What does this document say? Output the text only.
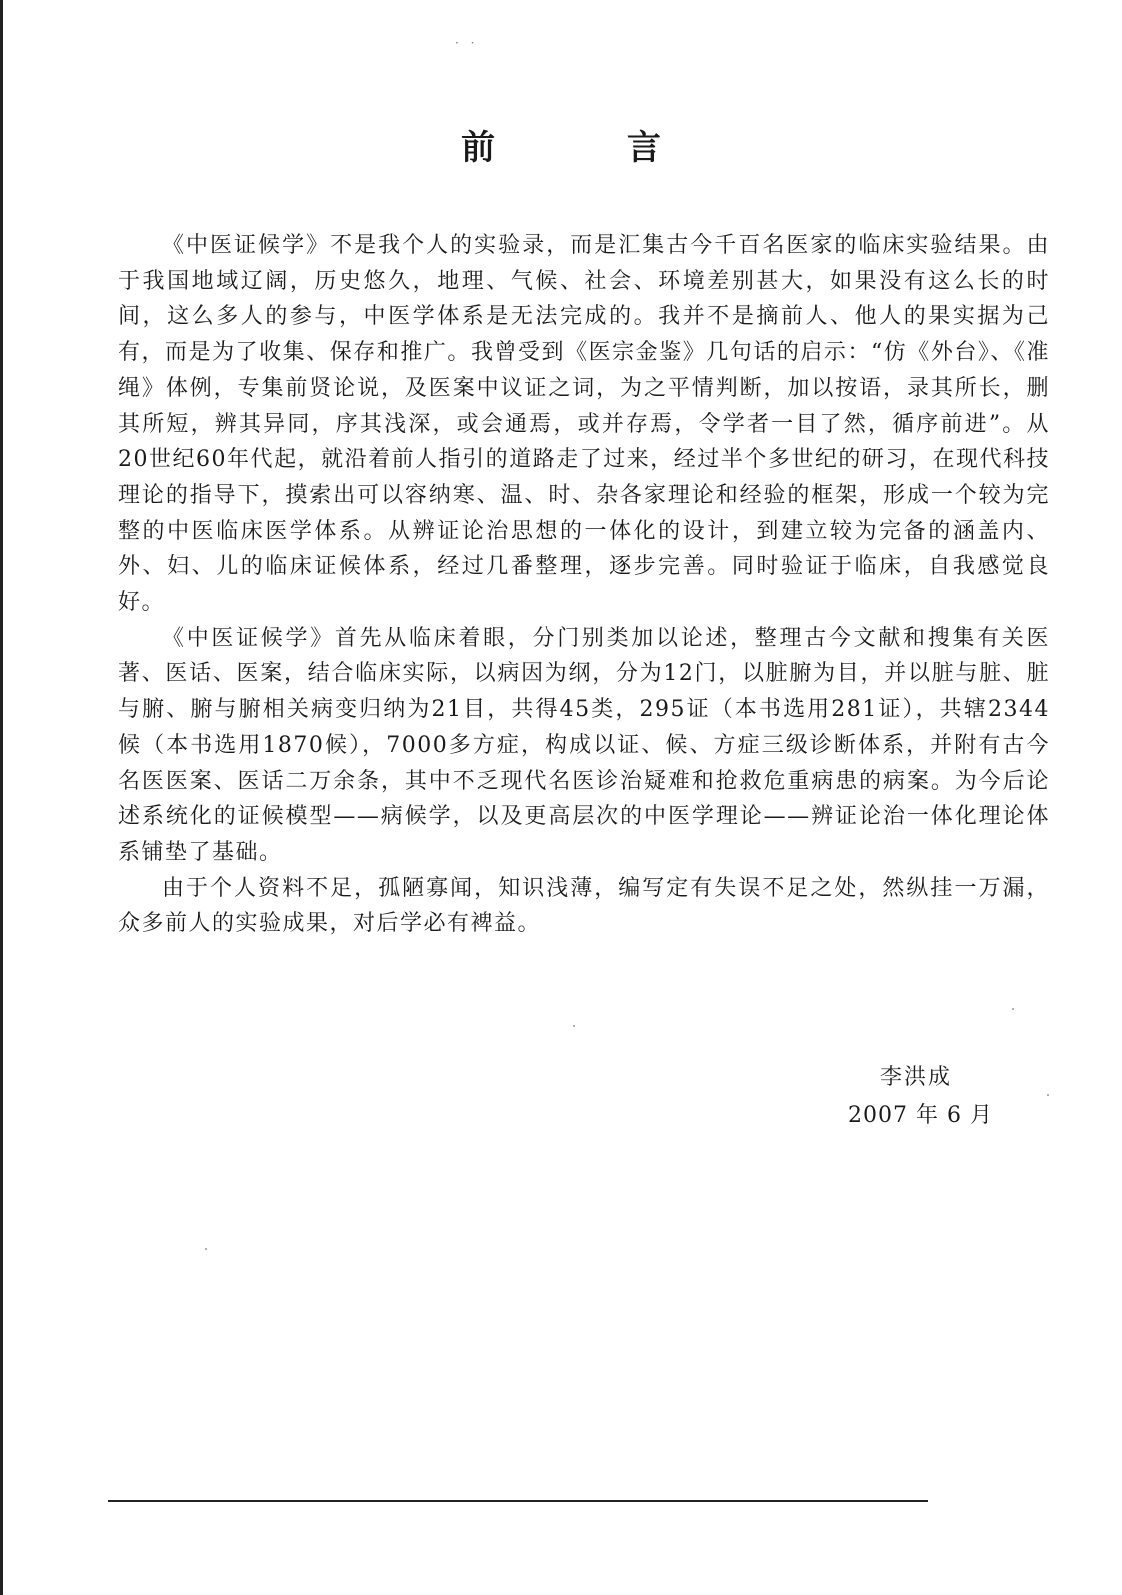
· ·
前 言

《中医证候学》不是我个人的实验录，而是汇集古今千百名医家的临床实验结果。由于我国地域辽阔，历史悠久，地理、气候、社会、环境差别甚大，如果没有这么长的时间，这么多人的参与，中医学体系是无法完成的。我并不是摘前人、他人的果实据为己有，而是为了收集、保存和推广。我曾受到《医宗金鉴》几句话的启示：“仿《外台》、《准绳》体例，专集前贤论说，及医案中议证之词，为之平情判断，加以按语，录其所长，删其所短，辨其异同，序其浅深，或会通焉，或并存焉，令学者一目了然，循序前进”。从20世纪60年代起，就沿着前人指引的道路走了过来，经过半个多世纪的研习，在现代科技理论的指导下，摸索出可以容纳寒、温、时、杂各家理论和经验的框架，形成一个较为完整的中医临床医学体系。从辨证论治思想的一体化的设计，到建立较为完备的涵盖内、外、妇、儿的临床证候体系，经过几番整理，逐步完善。同时验证于临床，自我感觉良好。

《中医证候学》首先从临床着眼，分门别类加以论述，整理古今文献和搜集有关医著、医话、医案，结合临床实际，以病因为纲，分为12门，以脏腑为目，并以脏与脏、脏与腑、腑与腑相关病变归纳为21目，共得45类，295证（本书选用281证），共辖2344候（本书选用1870候），7000多方症，构成以证、候、方症三级诊断体系，并附有古今名医医案、医话二万余条，其中不乏现代名医诊治疑难和抢救危重病患的病案。为今后论述系统化的证候模型——病候学，以及更高层次的中医学理论——辨证论治一体化理论体系铺垫了基础。

由于个人资料不足，孤陋寡闻，知识浅薄，编写定有失误不足之处，然纵挂一万漏，众多前人的实验成果，对后学必有裨益。

李洪成
2007 年 6 月
